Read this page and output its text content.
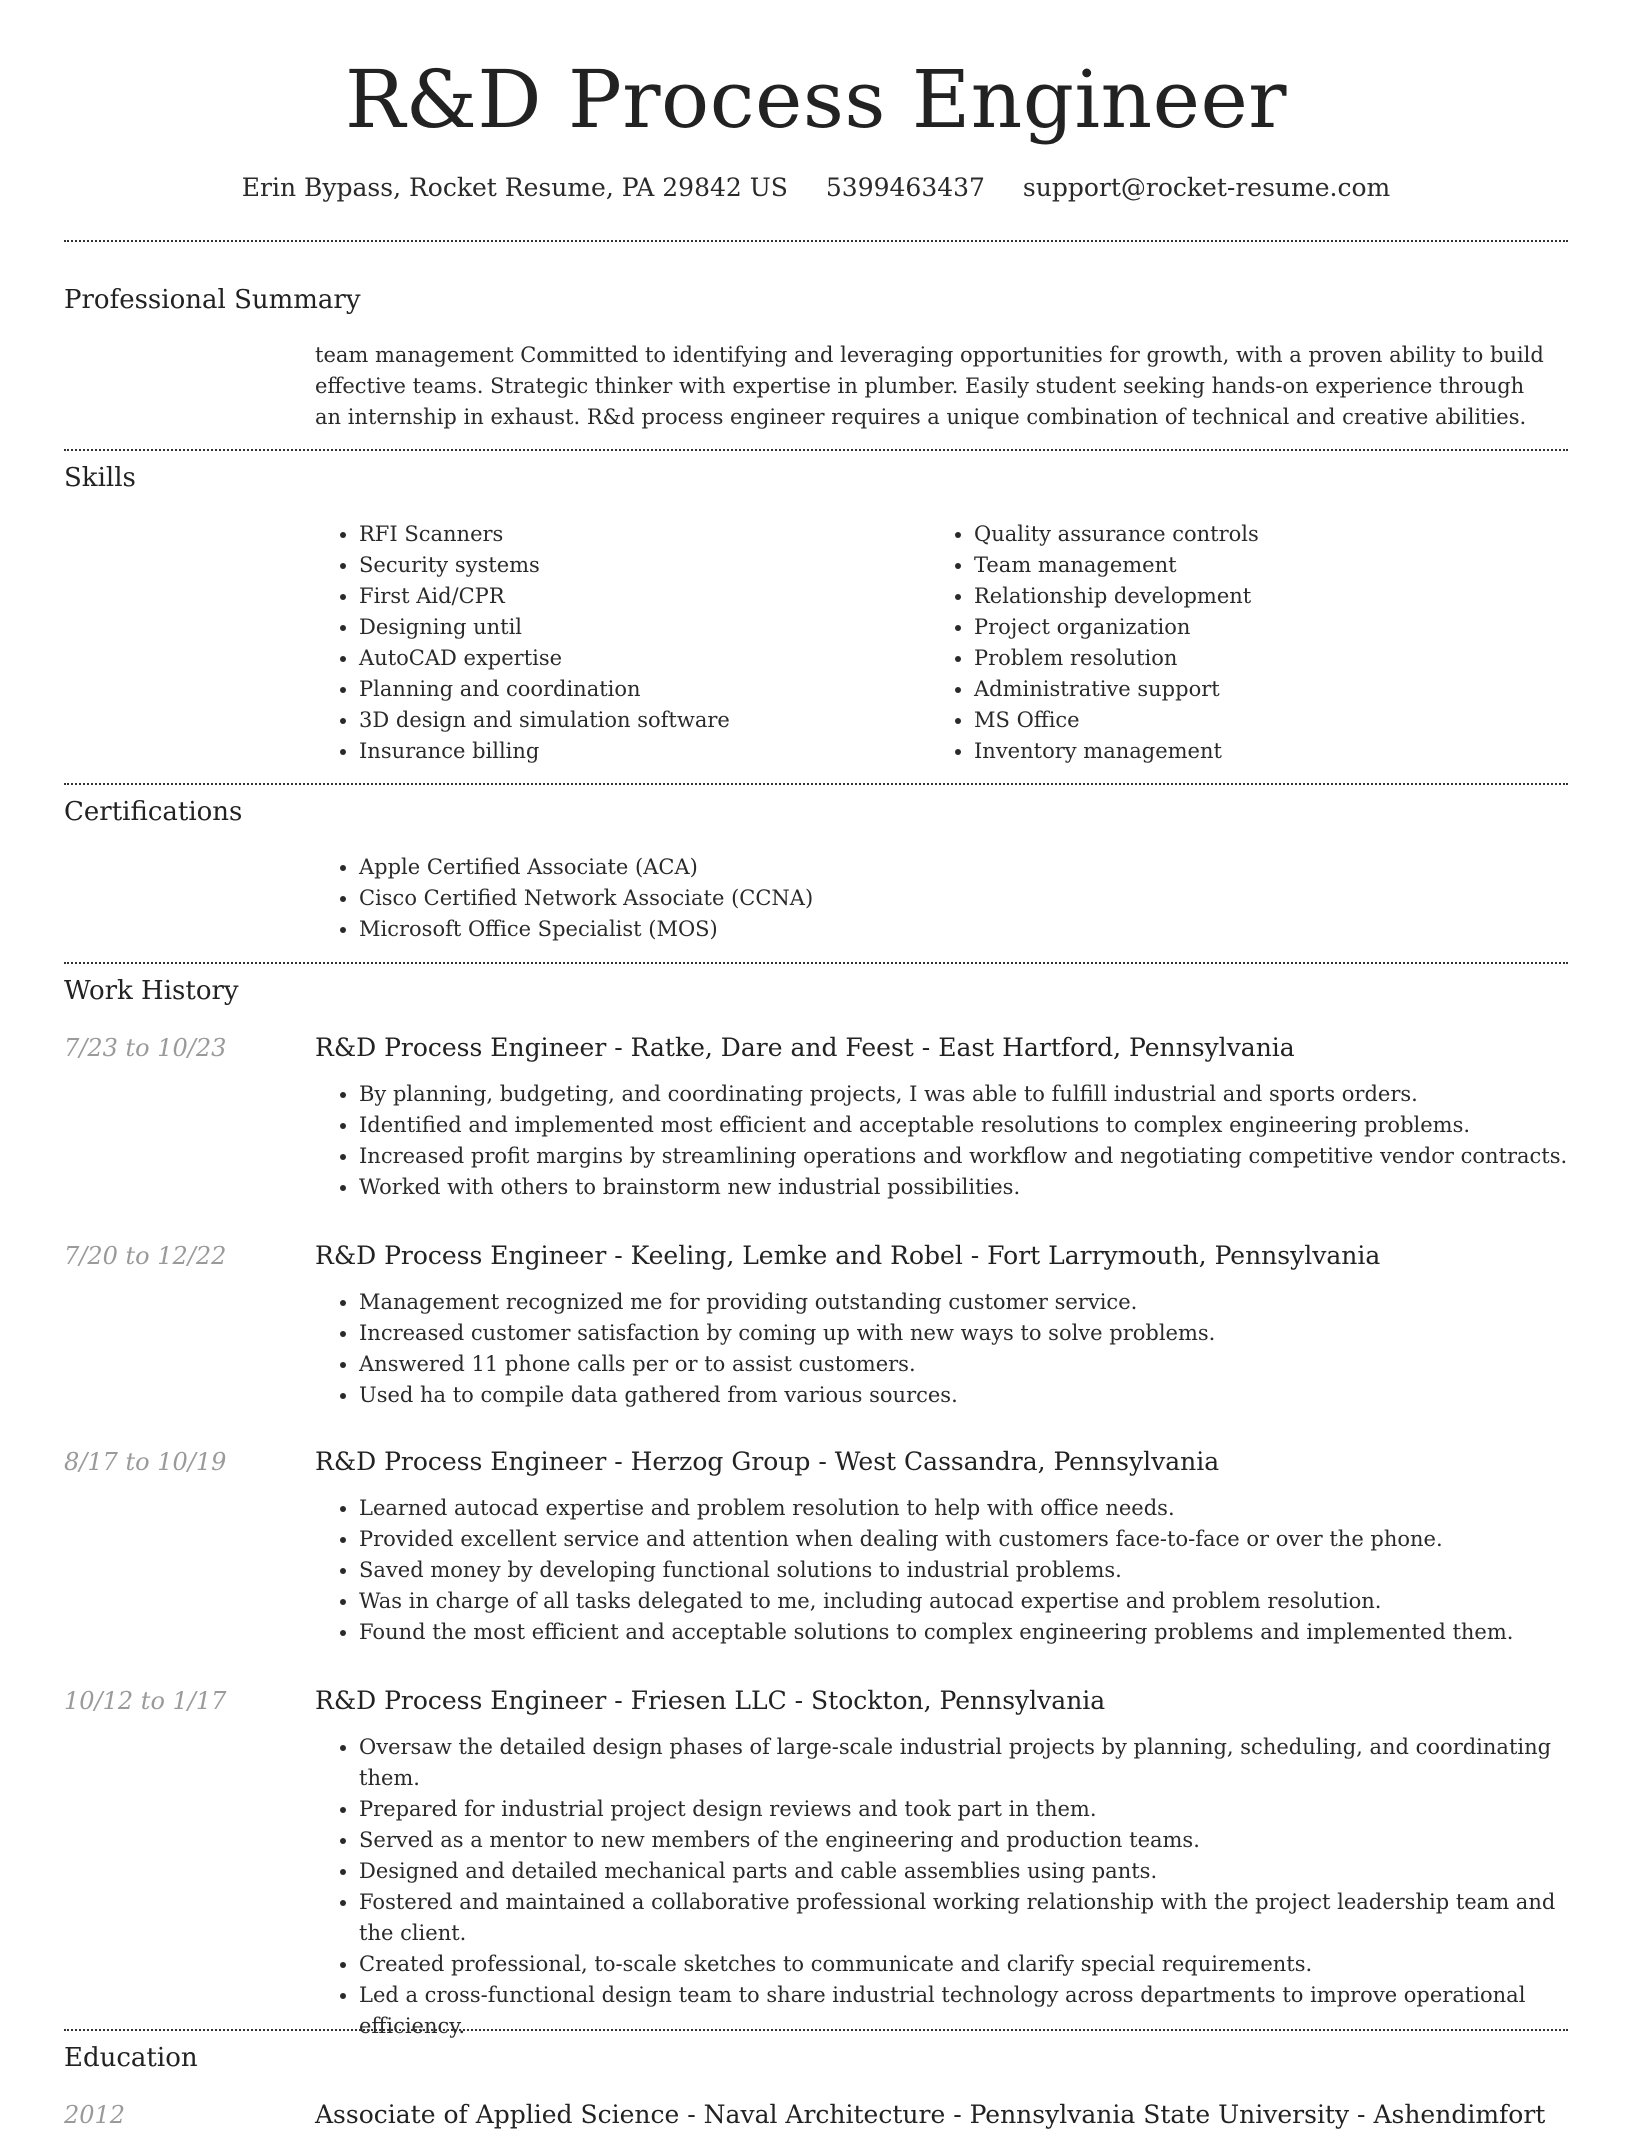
R&D Process Engineer
Erin Bypass, Rocket Resume, PA 29842 US 5399463437 support@rocket-resume.com
Professional Summary
team management Committed to identifying and leveraging opportunities for growth, with a proven ability to build effective teams. Strategic thinker with expertise in plumber. Easily student seeking hands-on experience through an internship in exhaust. R&d process engineer requires a unique combination of technical and creative abilities.
Skills
• RFI Scanners
• Security systems
• First Aid/CPR
• Designing until
• AutoCAD expertise
• Planning and coordination
• 3D design and simulation software
• Insurance billing
• Quality assurance controls
• Team management
• Relationship development
• Project organization
• Problem resolution
• Administrative support
• MS Office
• Inventory management
Certifications
• Apple Certified Associate (ACA)
• Cisco Certified Network Associate (CCNA)
• Microsoft Office Specialist (MOS)
Work History
7/23 to 10/23	R&D Process Engineer - Ratke, Dare and Feest - East Hartford, Pennsylvania
• By planning, budgeting, and coordinating projects, I was able to fulfill industrial and sports orders.
• Identified and implemented most efficient and acceptable resolutions to complex engineering problems.
• Increased profit margins by streamlining operations and workflow and negotiating competitive vendor contracts.
• Worked with others to brainstorm new industrial possibilities.
7/20 to 12/22	R&D Process Engineer - Keeling, Lemke and Robel - Fort Larrymouth, Pennsylvania
• Management recognized me for providing outstanding customer service.
• Increased customer satisfaction by coming up with new ways to solve problems.
• Answered 11 phone calls per or to assist customers.
• Used ha to compile data gathered from various sources.
8/17 to 10/19	R&D Process Engineer - Herzog Group - West Cassandra, Pennsylvania
• Learned autocad expertise and problem resolution to help with office needs.
• Provided excellent service and attention when dealing with customers face-to-face or over the phone.
• Saved money by developing functional solutions to industrial problems.
• Was in charge of all tasks delegated to me, including autocad expertise and problem resolution.
• Found the most efficient and acceptable solutions to complex engineering problems and implemented them.
10/12 to 1/17	R&D Process Engineer - Friesen LLC - Stockton, Pennsylvania
• Oversaw the detailed design phases of large-scale industrial projects by planning, scheduling, and coordinating them.
• Prepared for industrial project design reviews and took part in them.
• Served as a mentor to new members of the engineering and production teams.
• Designed and detailed mechanical parts and cable assemblies using pants.
• Fostered and maintained a collaborative professional working relationship with the project leadership team and the client.
• Created professional, to-scale sketches to communicate and clarify special requirements.
• Led a cross-functional design team to share industrial technology across departments to improve operational efficiency.
Education
2012	Associate of Applied Science - Naval Architecture - Pennsylvania State University - Ashendimfort
